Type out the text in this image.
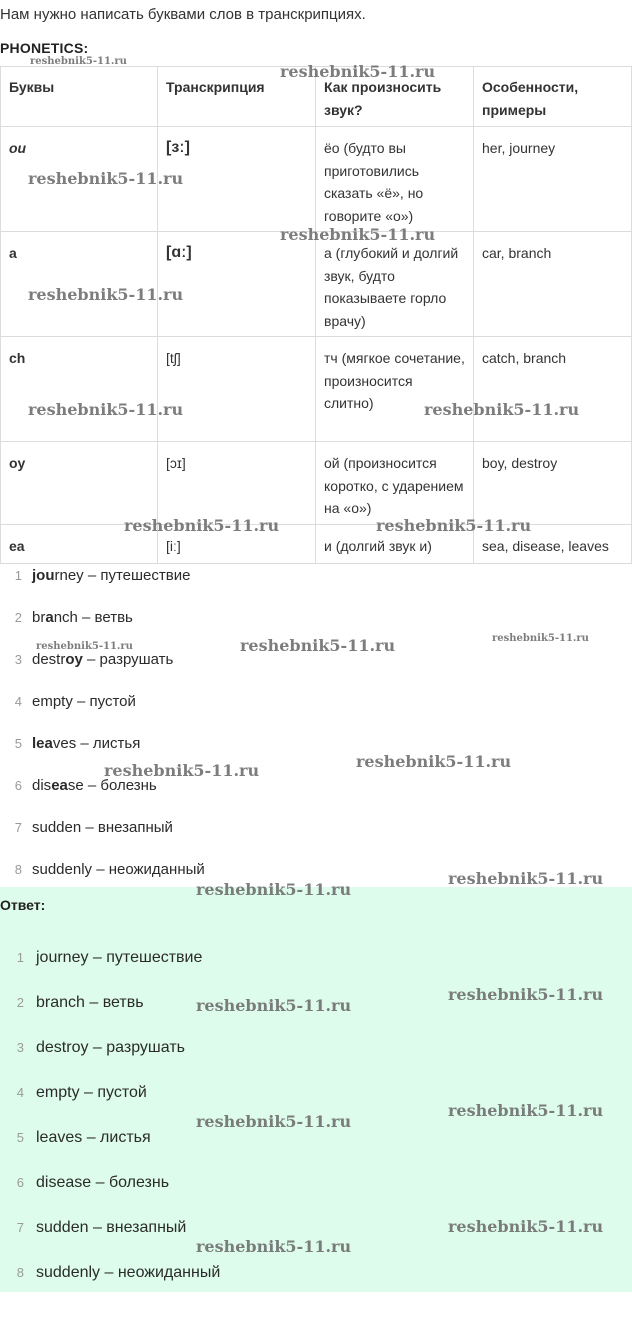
Нам нужно написать буквами слов в транскрипциях.
PHONETICS:
Буквы	Транскрипция	Как произносить звук?	Особенности, примеры
ou	[ɜː]	ёо (будто вы приготовились сказать «ё», но говорите «о»)	her, journey
a	[ɑː]	а (глубокий и долгий звук, будто показываете горло врачу)	car, branch
ch	[tʃ]	тч (мягкое сочетание, произносится слитно)	catch, branch
oy	[ɔɪ]	ой (произносится коротко, с ударением на «о»)	boy, destroy
ea	[iː]	и (долгий звук и)	sea, disease, leaves
1 journey – путешествие
2 branch – ветвь
3 destroy – разрушать
4 empty – пустой
5 leaves – листья
6 disease – болезнь
7 sudden – внезапный
8 suddenly – неожиданный
Ответ:
1 journey – путешествие
2 branch – ветвь
3 destroy – разрушать
4 empty – пустой
5 leaves – листья
6 disease – болезнь
7 sudden – внезапный
8 suddenly – неожиданный
reshebnik5-11.ru
reshebnik5-11.ru
reshebnik5-11.ru
reshebnik5-11.ru
reshebnik5-11.ru
reshebnik5-11.ru	reshebnik5-11.ru
reshebnik5-11.ru	reshebnik5-11.ru
reshebnik5-11.ru	reshebnik5-11.ru	reshebnik5-11.ru
reshebnik5-11.ru	reshebnik5-11.ru
reshebnik5-11.ru
reshebnik5-11.ru
reshebnik5-11.ru
reshebnik5-11.ru
reshebnik5-11.ru
reshebnik5-11.ru
reshebnik5-11.ru
reshebnik5-11.ru
